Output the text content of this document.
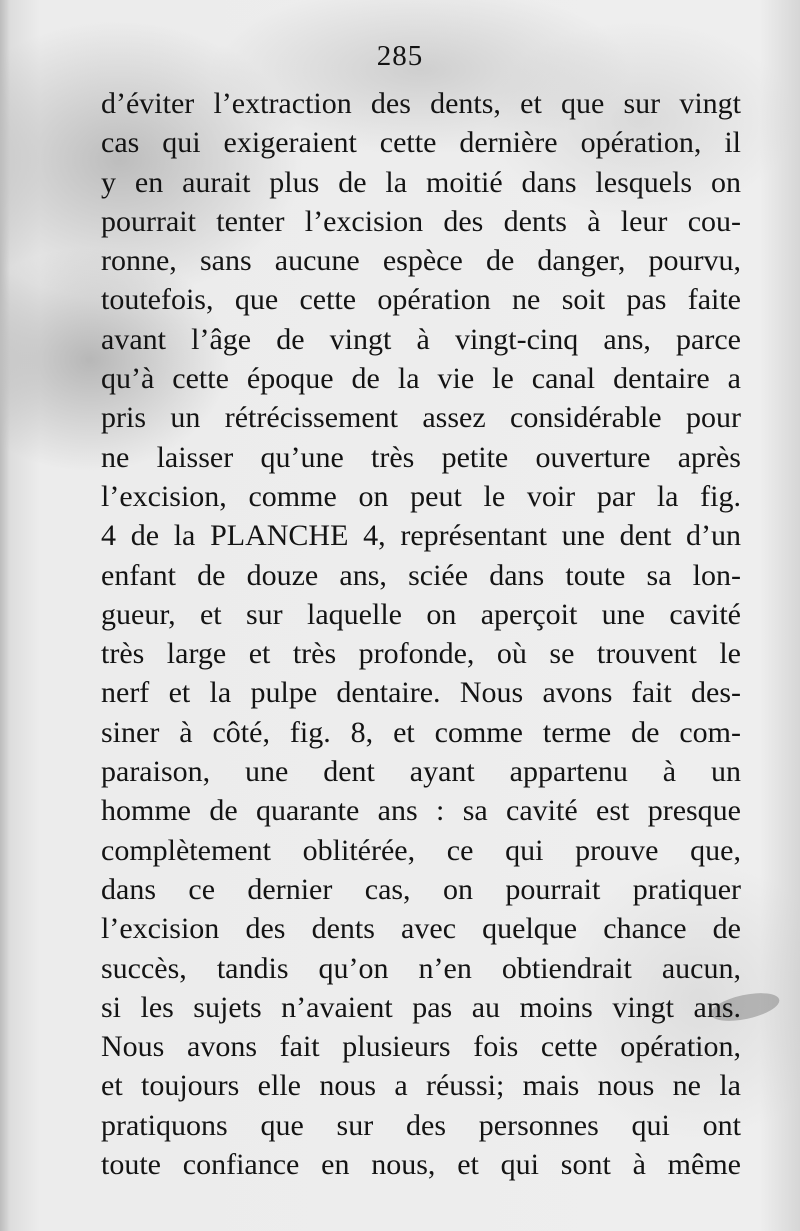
285
d’éviter l’extraction des dents, et que sur vingt
cas qui exigeraient cette dernière opération, il
y en aurait plus de la moitié dans lesquels on
pourrait tenter l’excision des dents à leur cou-
ronne, sans aucune espèce de danger, pourvu,
toutefois, que cette opération ne soit pas faite
avant l’âge de vingt à vingt-cinq ans, parce
qu’à cette époque de la vie le canal dentaire a
pris un rétrécissement assez considérable pour
ne laisser qu’une très petite ouverture après
l’excision, comme on peut le voir par la fig.
4 de la PLANCHE 4, représentant une dent d’un
enfant de douze ans, sciée dans toute sa lon-
gueur, et sur laquelle on aperçoit une cavité
très large et très profonde, où se trouvent le
nerf et la pulpe dentaire. Nous avons fait des-
siner à côté, fig. 8, et comme terme de com-
paraison, une dent ayant appartenu à un
homme de quarante ans : sa cavité est presque
complètement oblitérée, ce qui prouve que,
dans ce dernier cas, on pourrait pratiquer
l’excision des dents avec quelque chance de
succès, tandis qu’on n’en obtiendrait aucun,
si les sujets n’avaient pas au moins vingt ans.
Nous avons fait plusieurs fois cette opération,
et toujours elle nous a réussi; mais nous ne la
pratiquons que sur des personnes qui ont
toute confiance en nous, et qui sont à même
